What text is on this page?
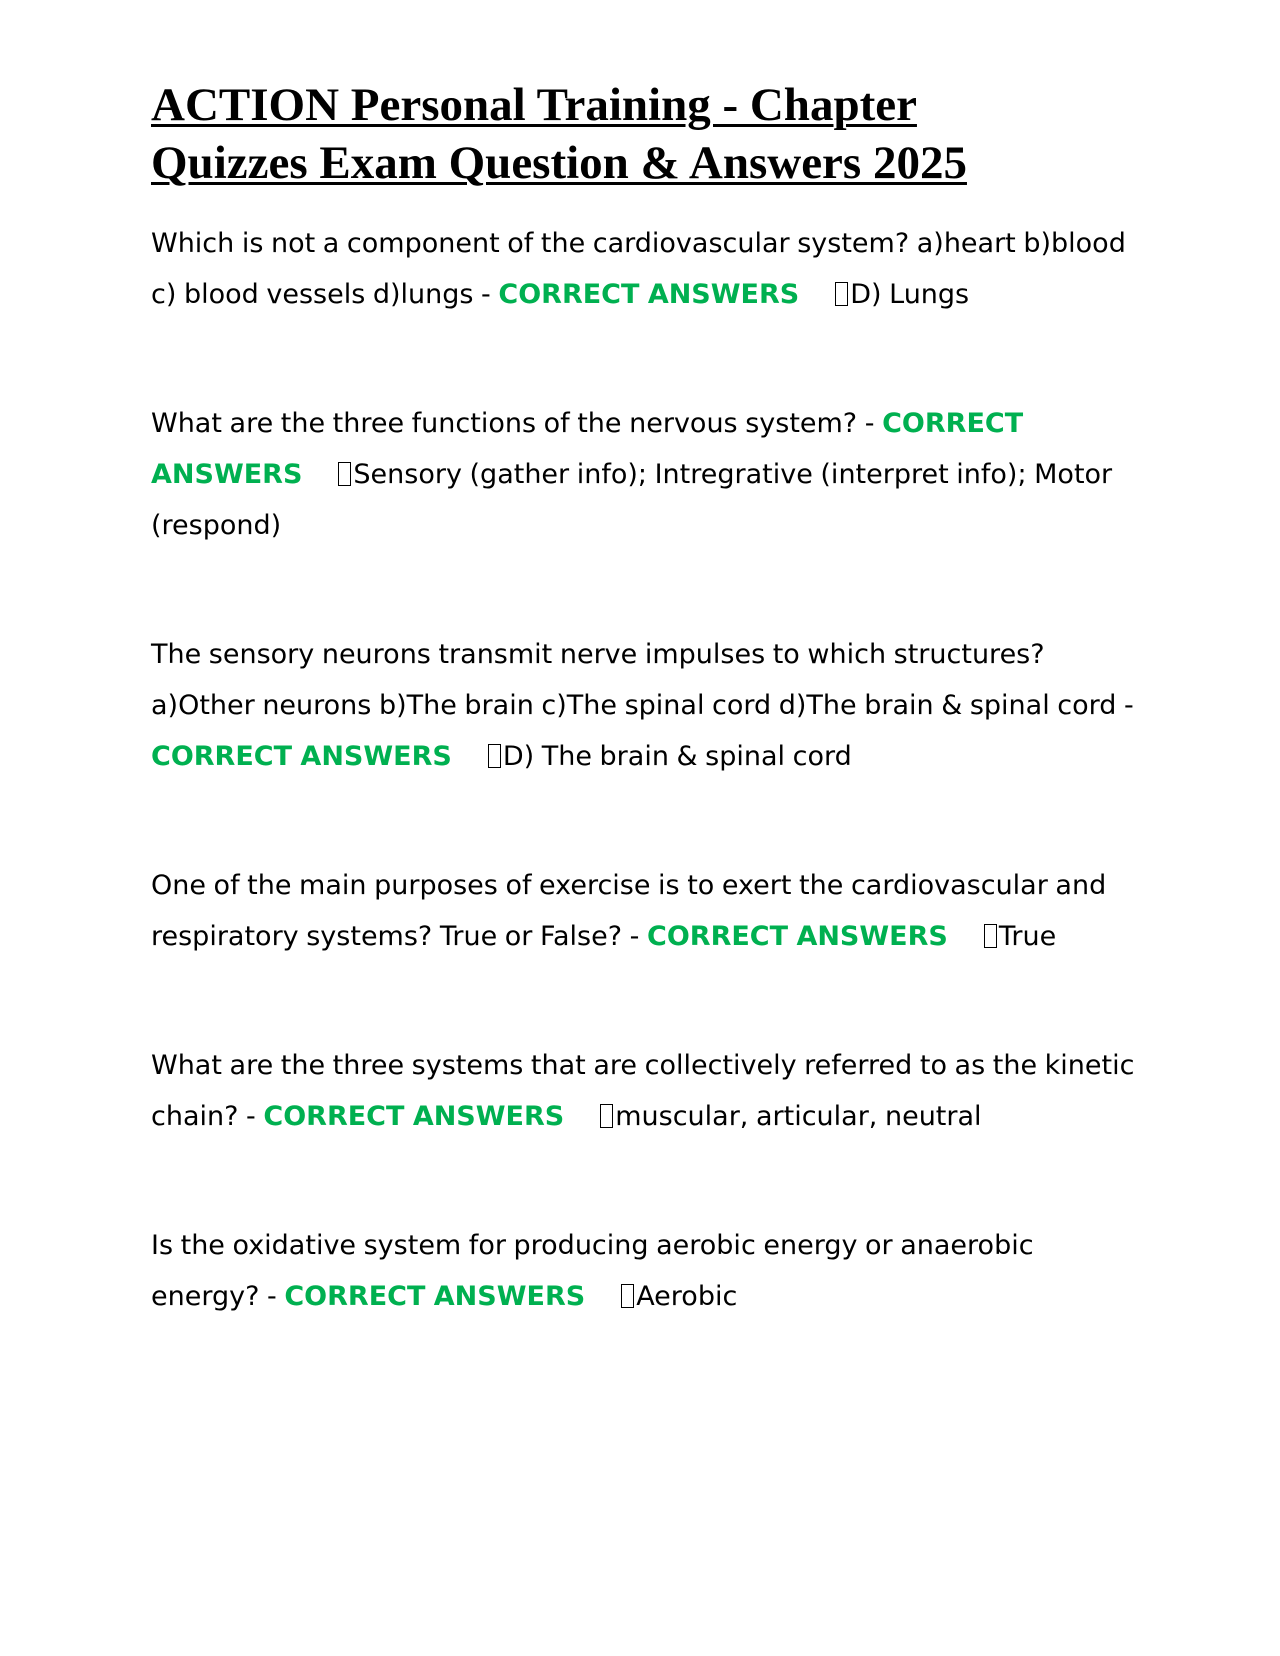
ACTION Personal Training - Chapter
Quizzes Exam Question & Answers 2025
Which is not a component of the cardiovascular system? a)heart b)blood c) blood vessels d)lungs - CORRECT ANSWERS D) Lungs
What are the three functions of the nervous system? - CORRECT ANSWERS Sensory (gather info); Intregrative (interpret info); Motor (respond)
The sensory neurons transmit nerve impulses to which structures? a)Other neurons b)The brain c)The spinal cord d)The brain & spinal cord - CORRECT ANSWERS D) The brain & spinal cord
One of the main purposes of exercise is to exert the cardiovascular and respiratory systems? True or False? - CORRECT ANSWERS True
What are the three systems that are collectively referred to as the kinetic chain? - CORRECT ANSWERS muscular, articular, neutral
Is the oxidative system for producing aerobic energy or anaerobic energy? - CORRECT ANSWERS Aerobic
